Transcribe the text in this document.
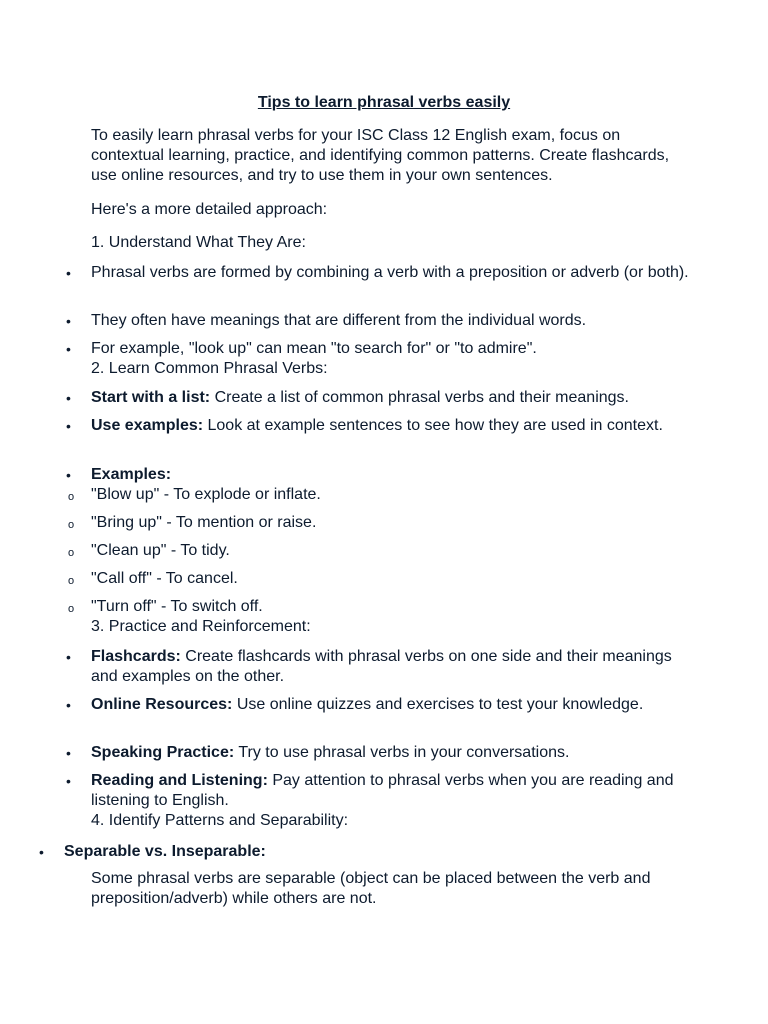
Tips to learn phrasal verbs easily
To easily learn phrasal verbs for your ISC Class 12 English exam, focus on contextual learning, practice, and identifying common patterns. Create flashcards, use online resources, and try to use them in your own sentences.
Here's a more detailed approach:
1. Understand What They Are:
• Phrasal verbs are formed by combining a verb with a preposition or adverb (or both).
• They often have meanings that are different from the individual words.
• For example, "look up" can mean "to search for" or "to admire".
2. Learn Common Phrasal Verbs:
• Start with a list: Create a list of common phrasal verbs and their meanings.
• Use examples: Look at example sentences to see how they are used in context.
• Examples:
o "Blow up" - To explode or inflate.
o "Bring up" - To mention or raise.
o "Clean up" - To tidy.
o "Call off" - To cancel.
o "Turn off" - To switch off.
3. Practice and Reinforcement:
• Flashcards: Create flashcards with phrasal verbs on one side and their meanings and examples on the other.
• Online Resources: Use online quizzes and exercises to test your knowledge.
• Speaking Practice: Try to use phrasal verbs in your conversations.
• Reading and Listening: Pay attention to phrasal verbs when you are reading and listening to English.
4. Identify Patterns and Separability:
• Separable vs. Inseparable:
Some phrasal verbs are separable (object can be placed between the verb and preposition/adverb) while others are not.
